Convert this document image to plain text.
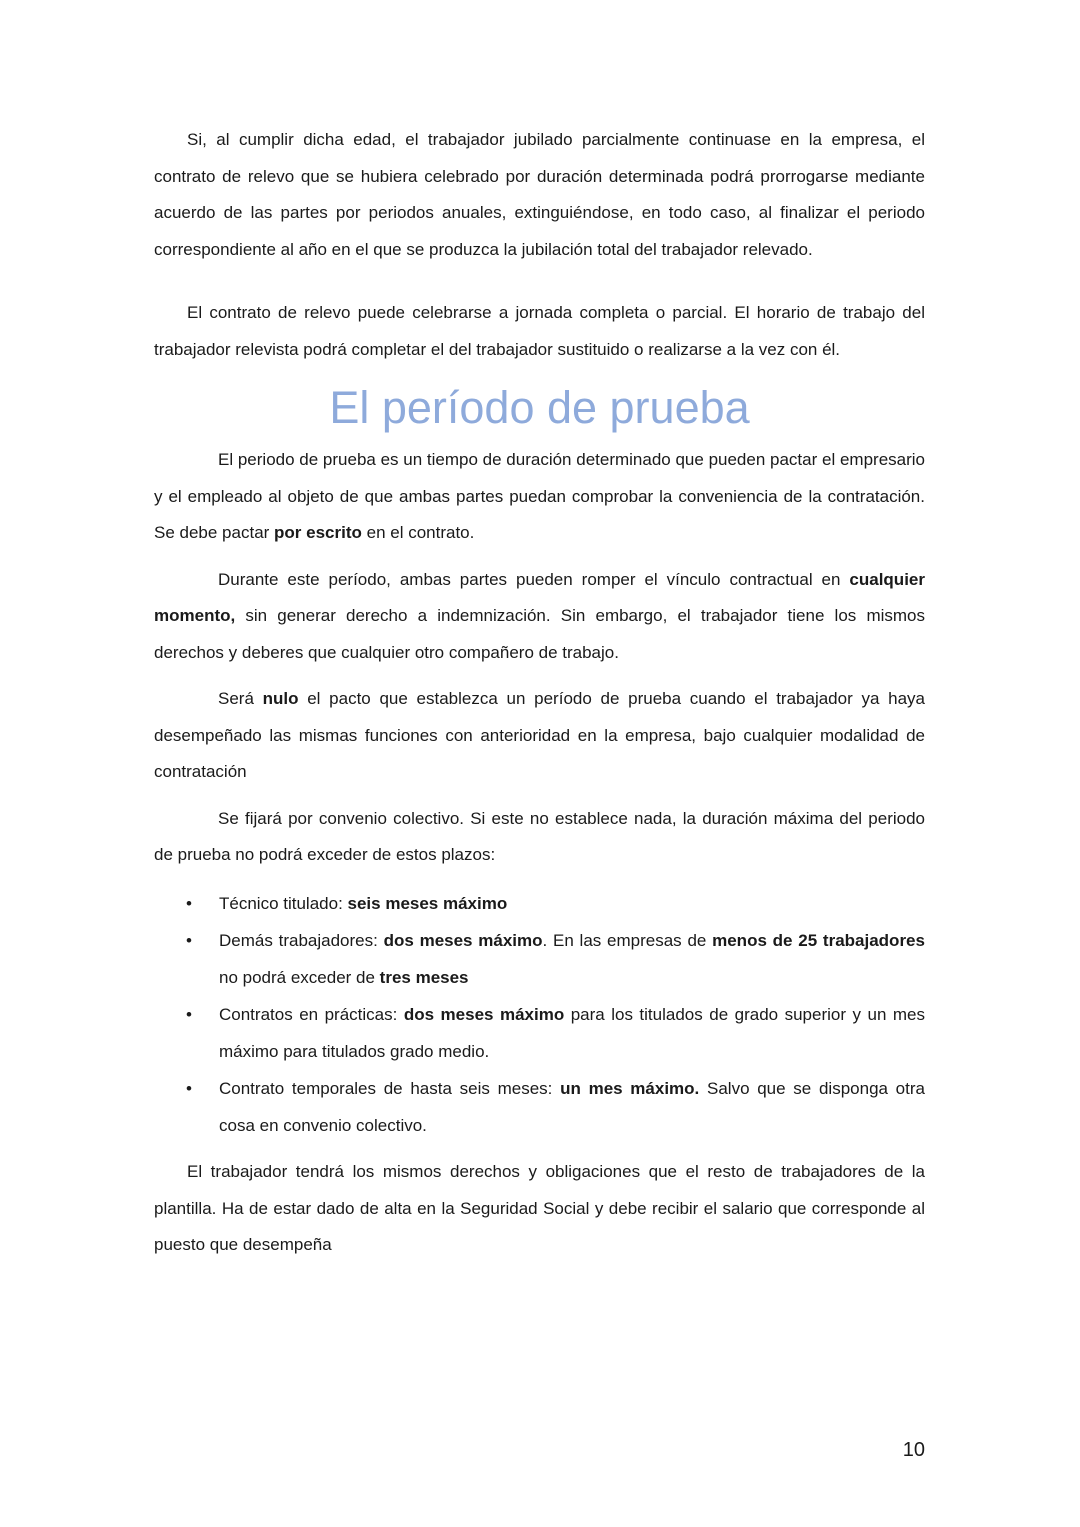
Si, al cumplir dicha edad, el trabajador jubilado parcialmente continuase en la empresa, el contrato de relevo que se hubiera celebrado por duración determinada podrá prorrogarse mediante acuerdo de las partes por periodos anuales, extinguiéndose, en todo caso, al finalizar el periodo correspondiente al año en el que se produzca la jubilación total del trabajador relevado.

El contrato de relevo puede celebrarse a jornada completa o parcial. El horario de trabajo del trabajador relevista podrá completar el del trabajador sustituido o realizarse a la vez con él.

El período de prueba

El periodo de prueba es un tiempo de duración determinado que pueden pactar el empresario y el empleado al objeto de que ambas partes puedan comprobar la conveniencia de la contratación. Se debe pactar por escrito en el contrato.

Durante este período, ambas partes pueden romper el vínculo contractual en cualquier momento, sin generar derecho a indemnización. Sin embargo, el trabajador tiene los mismos derechos y deberes que cualquier otro compañero de trabajo.

Será nulo el pacto que establezca un período de prueba cuando el trabajador ya haya desempeñado las mismas funciones con anterioridad en la empresa, bajo cualquier modalidad de contratación

Se fijará por convenio colectivo. Si este no establece nada, la duración máxima del periodo de prueba no podrá exceder de estos plazos:

• Técnico titulado: seis meses máximo
• Demás trabajadores: dos meses máximo. En las empresas de menos de 25 trabajadores no podrá exceder de tres meses
• Contratos en prácticas: dos meses máximo para los titulados de grado superior y un mes máximo para titulados grado medio.
• Contrato temporales de hasta seis meses: un mes máximo. Salvo que se disponga otra cosa en convenio colectivo.

El trabajador tendrá los mismos derechos y obligaciones que el resto de trabajadores de la plantilla. Ha de estar dado de alta en la Seguridad Social y debe recibir el salario que corresponde al puesto que desempeña

10
